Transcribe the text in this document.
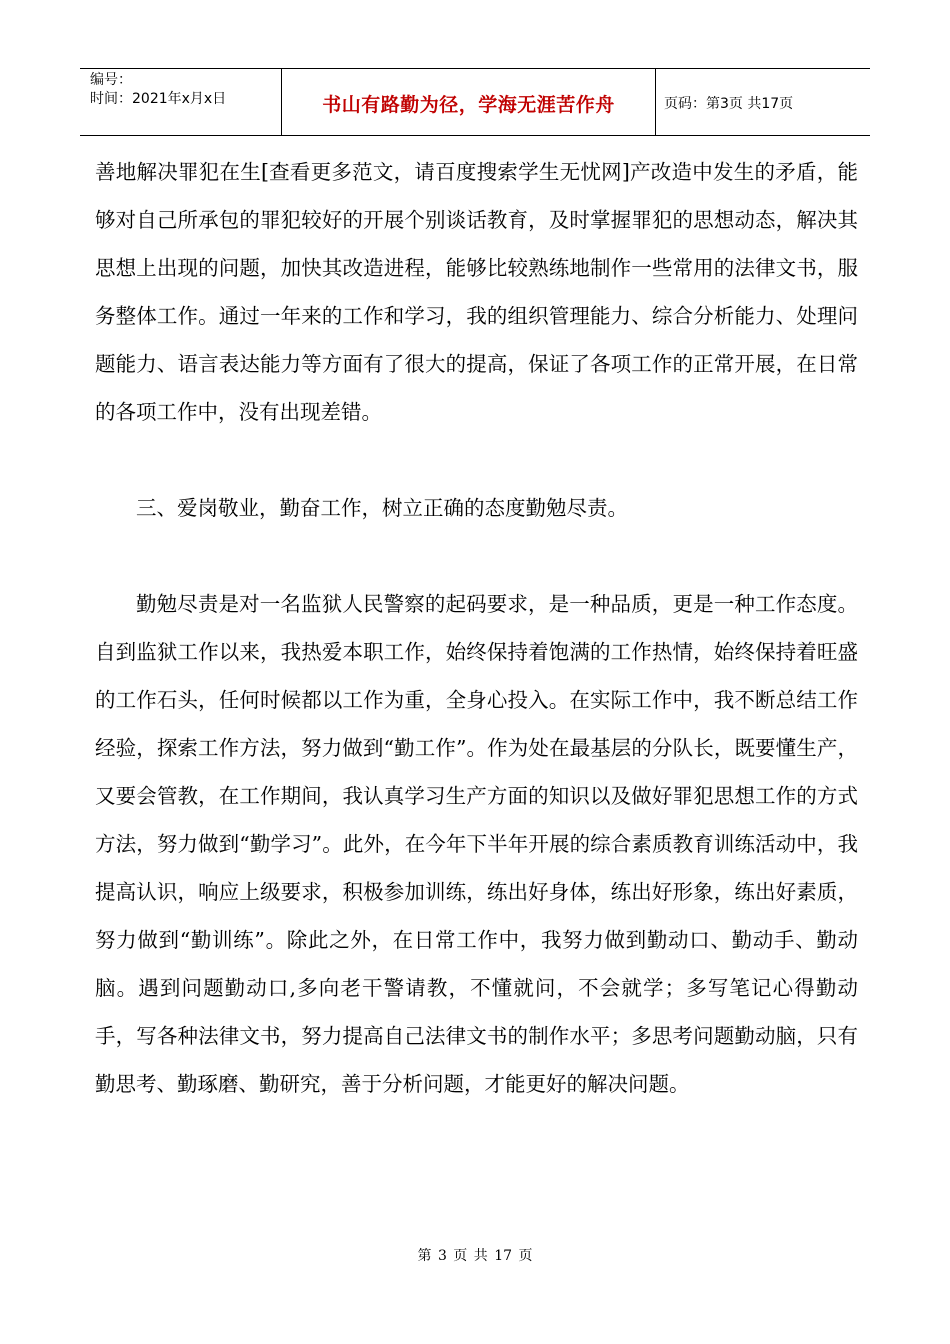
编号：
时间：2021年x月x日	书山有路勤为径，学海无涯苦作舟	页码：第3页 共17页

善地解决罪犯在生[查看更多范文，请百度搜索学生无忧网]产改造中发生的矛盾，能够对自己所承包的罪犯较好的开展个别谈话教育，及时掌握罪犯的思想动态，解决其思想上出现的问题，加快其改造进程，能够比较熟练地制作一些常用的法律文书，服务整体工作。通过一年来的工作和学习，我的组织管理能力、综合分析能力、处理问题能力、语言表达能力等方面有了很大的提高，保证了各项工作的正常开展，在日常的各项工作中，没有出现差错。

三、爱岗敬业，勤奋工作，树立正确的态度勤勉尽责。

勤勉尽责是对一名监狱人民警察的起码要求，是一种品质，更是一种工作态度。自到监狱工作以来，我热爱本职工作，始终保持着饱满的工作热情，始终保持着旺盛的工作石头，任何时候都以工作为重，全身心投入。在实际工作中，我不断总结工作经验，探索工作方法，努力做到“勤工作”。作为处在最基层的分队长，既要懂生产，又要会管教，在工作期间，我认真学习生产方面的知识以及做好罪犯思想工作的方式方法，努力做到“勤学习”。此外，在今年下半年开展的综合素质教育训练活动中，我提高认识，响应上级要求，积极参加训练，练出好身体，练出好形象，练出好素质，努力做到“勤训练”。除此之外，在日常工作中，我努力做到勤动口、勤动手、勤动脑。遇到问题勤动口,多向老干警请教，不懂就问，不会就学；多写笔记心得勤动手，写各种法律文书，努力提高自己法律文书的制作水平；多思考问题勤动脑，只有勤思考、勤琢磨、勤研究，善于分析问题，才能更好的解决问题。

第 3 页 共 17 页
